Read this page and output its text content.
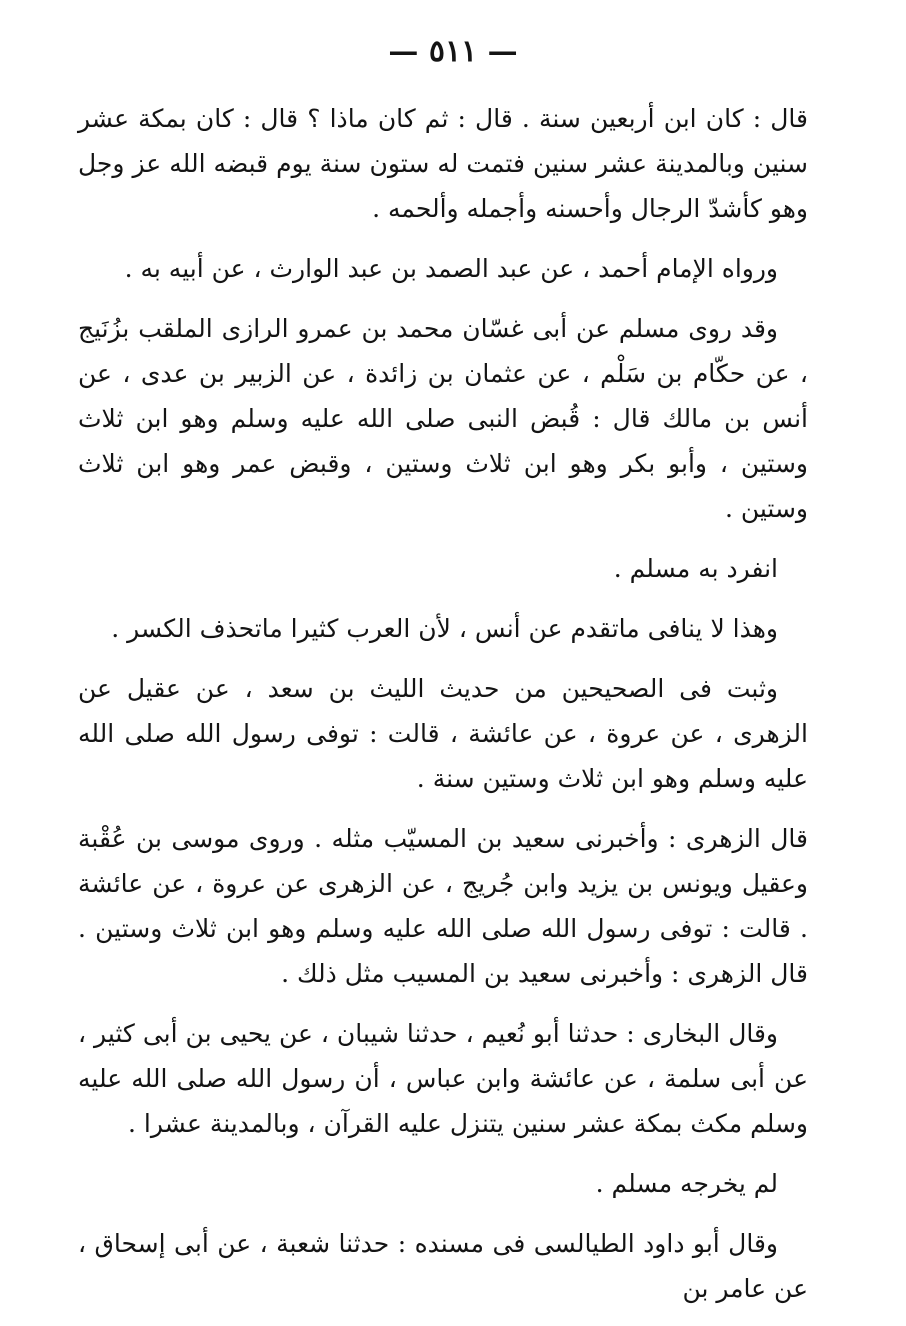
— ٥١١ —

قال : كان ابن أربعين سنة . قال : ثم كان ماذا ؟ قال : كان بمكة عشر سنين وبالمدينة عشر سنين فتمت له ستون سنة يوم قبضه الله عز وجل وهو كأشدّ الرجال وأحسنه وأجمله وألحمه .

ورواه الإمام أحمد ، عن عبد الصمد بن عبد الوارث ، عن أبيه به .

وقد روى مسلم عن أبى غسّان محمد بن عمرو الرازى الملقب بزُنَيج ، عن حكّام بن سَلْم ، عن عثمان بن زائدة ، عن الزبير بن عدى ، عن أنس بن مالك قال : قُبض النبى صلى الله عليه وسلم وهو ابن ثلاث وستين ، وأبو بكر وهو ابن ثلاث وستين ، وقبض عمر وهو ابن ثلاث وستين .

انفرد به مسلم .

وهذا لا ينافى ماتقدم عن أنس ، لأن العرب كثيرا ماتحذف الكسر .

وثبت فى الصحيحين من حديث الليث بن سعد ، عن عقيل عن الزهرى ، عن عروة ، عن عائشة ، قالت : توفى رسول الله صلى الله عليه وسلم وهو ابن ثلاث وستين سنة .

قال الزهرى : وأخبرنى سعيد بن المسيّب مثله . وروى موسى بن عُقْبة وعقيل ويونس بن يزيد وابن جُريج ، عن الزهرى عن عروة ، عن عائشة . قالت : توفى رسول الله صلى الله عليه وسلم وهو ابن ثلاث وستين . قال الزهرى : وأخبرنى سعيد بن المسيب مثل ذلك .

وقال البخارى : حدثنا أبو نُعيم ، حدثنا شيبان ، عن يحيى بن أبى كثير ، عن أبى سلمة ، عن عائشة وابن عباس ، أن رسول الله صلى الله عليه وسلم مكث بمكة عشر سنين يتنزل عليه القرآن ، وبالمدينة عشرا .

لم يخرجه مسلم .

وقال أبو داود الطيالسى فى مسنده : حدثنا شعبة ، عن أبى إسحاق ، عن عامر بن
